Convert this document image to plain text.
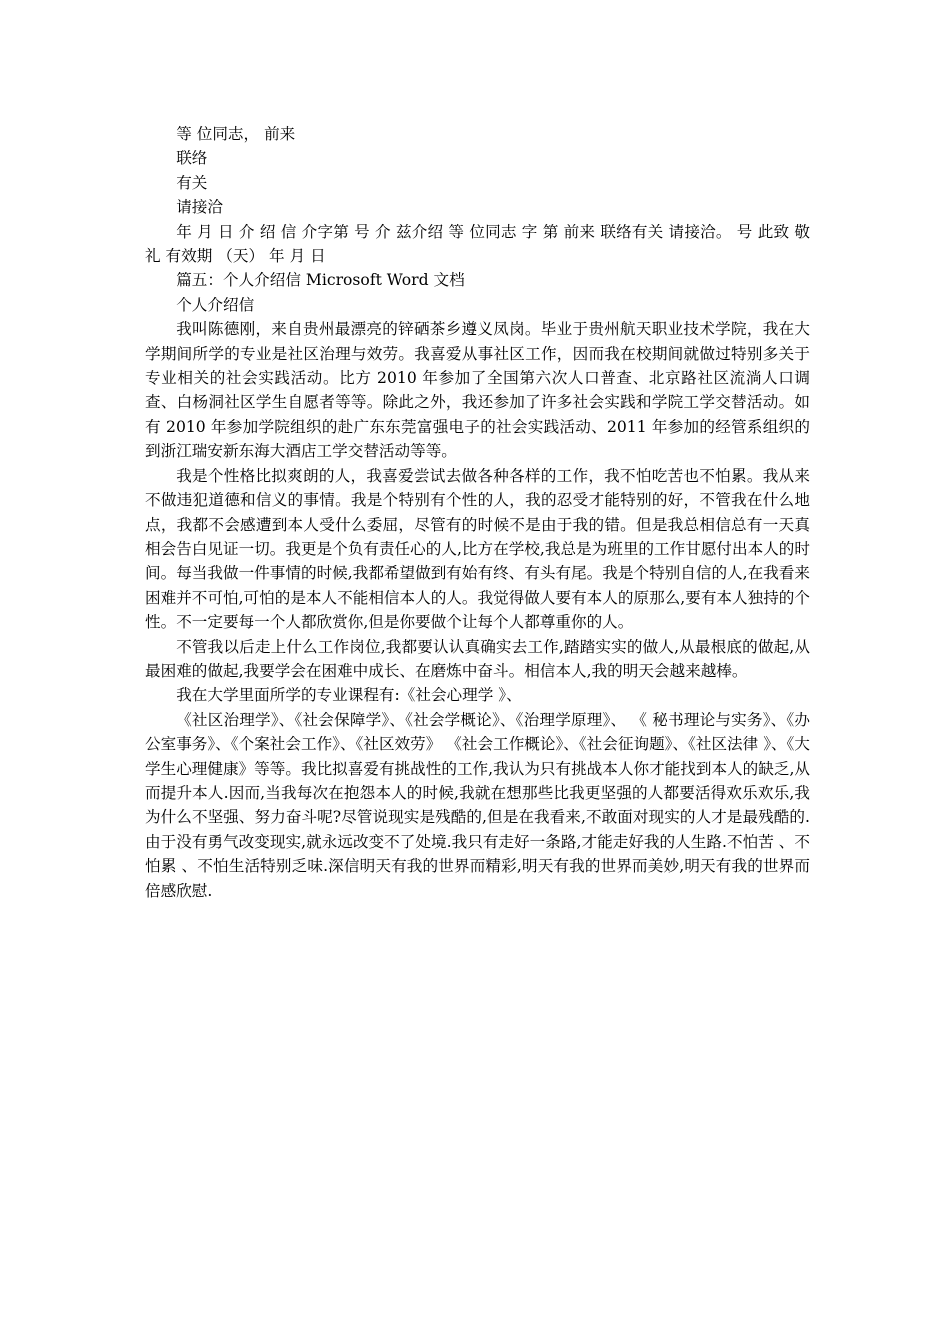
等 位同志， 前来

联络

有关

请接洽

年 月 日 介 绍 信 介字第 号 介 兹介绍 等 位同志 字 第 前来 联络有关 请接洽。 号 此致 敬礼 有效期 （天） 年 月 日

篇五：个人介绍信 Microsoft Word 文档

个人介绍信

我叫陈德刚，来自贵州最漂亮的锌硒茶乡遵义凤岗。毕业于贵州航天职业技术学院，我在大学期间所学的专业是社区治理与效劳。我喜爱从事社区工作，因而我在校期间就做过特别多关于专业相关的社会实践活动。比方 2010 年参加了全国第六次人口普查、北京路社区流淌人口调查、白杨洞社区学生自愿者等等。除此之外，我还参加了许多社会实践和学院工学交替活动。如有 2010 年参加学院组织的赴广东东莞富强电子的社会实践活动、2011 年参加的经管系组织的到浙江瑞安新东海大酒店工学交替活动等等。

我是个性格比拟爽朗的人，我喜爱尝试去做各种各样的工作，我不怕吃苦也不怕累。我从来不做违犯道德和信义的事情。我是个特别有个性的人，我的忍受才能特别的好，不管我在什么地点，我都不会感遭到本人受什么委屈，尽管有的时候不是由于我的错。但是我总相信总有一天真相会告白见证一切。我更是个负有责任心的人,比方在学校,我总是为班里的工作甘愿付出本人的时间。每当我做一件事情的时候,我都希望做到有始有终、有头有尾。我是个特别自信的人,在我看来困难并不可怕,可怕的是本人不能相信本人的人。我觉得做人要有本人的原那么,要有本人独持的个性。不一定要每一个人都欣赏你,但是你要做个让每个人都尊重你的人。

不管我以后走上什么工作岗位,我都要认认真确实去工作,踏踏实实的做人,从最根底的做起,从最困难的做起,我要学会在困难中成长、在磨炼中奋斗。相信本人,我的明天会越来越棒。

我在大学里面所学的专业课程有:《社会心理学 》、

《社区治理学》、《社会保障学》、《社会学概论》、《治理学原理》、 《 秘书理论与实务》、《办公室事务》、《个案社会工作》、《社区效劳》 《社会工作概论》、《社会征询题》、《社区法律 》、《大学生心理健康》等等。我比拟喜爱有挑战性的工作,我认为只有挑战本人你才能找到本人的缺乏,从而提升本人.因而,当我每次在抱怨本人的时候,我就在想那些比我更坚强的人都要活得欢乐欢乐,我为什么不坚强、努力奋斗呢?尽管说现实是残酷的,但是在我看来,不敢面对现实的人才是最残酷的.由于没有勇气改变现实,就永远改变不了处境.我只有走好一条路,才能走好我的人生路.不怕苦 、不怕累 、不怕生活特别乏味.深信明天有我的世界而精彩,明天有我的世界而美妙,明天有我的世界而倍感欣慰.
